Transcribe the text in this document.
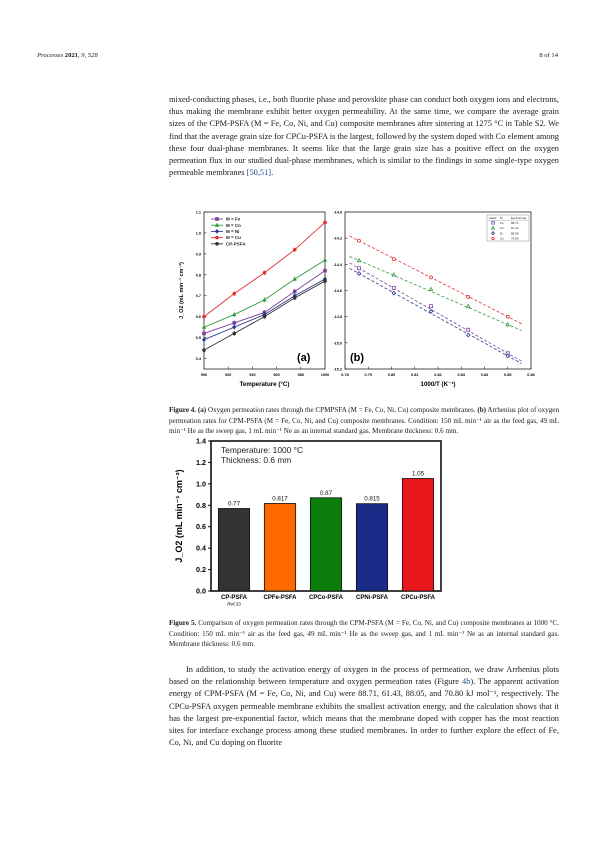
Processes 2021, 9, 528	8 of 14

mixed-conducting phases, i.e., both fluorite phase and perovskite phase can conduct both oxygen ions and electrons, thus making the membrane exhibit better oxygen permeability. At the same time, we compare the average grain sizes of the CPM-PSFA (M = Fe, Co, Ni, and Cu) composite membranes after sintering at 1275 °C in Table S2. We find that the average grain size for CPCu-PSFA is the largest, followed by the system doped with Co element among these four dual-phase membranes. It seems like that the large grain size has a positive effect on the oxygen permeation flux in our studied dual-phase membranes, which is similar to the findings in some single-type oxygen permeable membranes [50,51].

900	920	940	960	980	1000
0.4
0.5
0.6
0.7
0.8
0.9
1.0
1.1
Temperature (°C)
J_O2 (mL min⁻¹ cm⁻²)
M = Fe
M = Co
M = Ni
M = Cu
CP-PSFA
(a)
0.78	0.79	0.80	0.81	0.82	0.83	0.84	0.85	0.86
-14.0
-14.2
-14.4
-14.6
-14.8
-15.0
-15.2
1000/T (K⁻¹)
Label M	Ea (kJ/mol)
Fe 88.71
Co 61.43
Ni	88.05
Cu 70.80
(b)

Figure 4. (a) Oxygen permeation rates through the CPMPSFA (M = Fe, Co, Ni, Cu) composite membranes. (b) Arrhenius plot of oxygen permeation rates for CPM-PSFA (M = Fe, Co, Ni, and Cu) composite membranes. Condition: 150 mL min⁻¹ air as the feed gas, 49 mL min⁻¹ He as the sweep gas, 1 mL min⁻¹ Ne as an internal standard gas. Membrane thickness: 0.6 mm.

0.0
0.2
0.4
0.6
0.8
1.0
1.2
1.4
J_O2 (mL min⁻¹ cm⁻²)
Temperature: 1000 °C
Thickness: 0.6 mm
0.77
CP-PSFA
0.817
CPFe-PSFA
0.87
CPCo-PSFA
0.815
CPNi-PSFA
1.05
CPCu-PSFA
Ref.33

Figure 5. Comparison of oxygen permeation rates through the CPM-PSFA (M = Fe, Co, Ni, and Cu) composite membranes at 1000 °C. Condition: 150 mL min⁻¹ air as the feed gas, 49 mL min⁻¹ He as the sweep gas, and 1 mL min⁻¹ Ne as an internal standard gas. Membrane thickness: 0.6 mm.

In addition, to study the activation energy of oxygen in the process of permeation, we draw Arrhenius plots based on the relationship between temperature and oxygen permeation rates (Figure 4b). The apparent activation energy of CPM-PSFA (M = Fe, Co, Ni, and Cu) were 88.71, 61.43, 88.05, and 70.80 kJ mol⁻¹, respectively. The CPCu-PSFA oxygen permeable membrane exhibits the smallest activation energy, and the calculation shows that it has the largest pre-exponential factor, which means that the membrane doped with copper has the most reaction sites for interface exchange process among these studied membranes. In order to further explore the effect of Fe, Co, Ni, and Cu doping on fluorite
